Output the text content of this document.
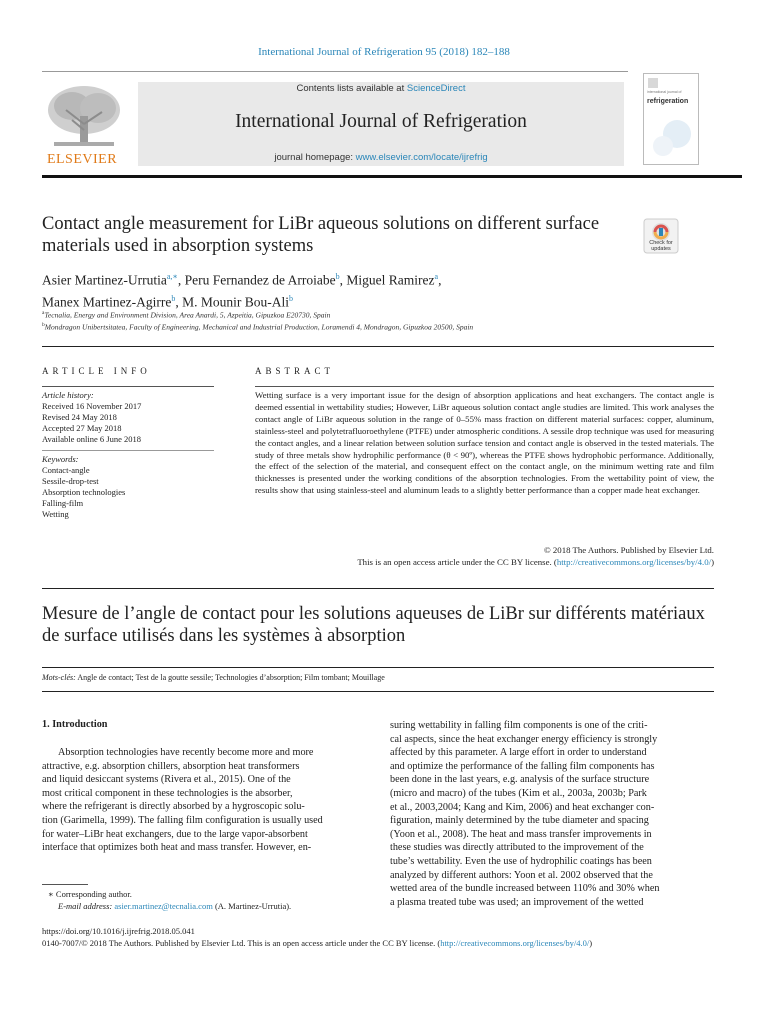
International Journal of Refrigeration 95 (2018) 182–188
Contents lists available at ScienceDirect
International Journal of Refrigeration
journal homepage: www.elsevier.com/locate/ijrefrig
ELSEVIER
international journal of
refrigeration
Contact angle measurement for LiBr aqueous solutions on different surface materials used in absorption systems	Check for updates
Asier Martinez-Urrutia$^{a,∗}$, Peru Fernandez de Arroiabe$^b$, Miguel Ramirez$^a$,
Manex Martinez-Agirre$^b$, M. Mounir Bou-Ali$^b$
$^a$Tecnalia, Energy and Environment Division, Area Anardi, 5, Azpeitia, Gipuzkoa E20730, Spain
$^b$Mondragon Unibertsitatea, Faculty of Engineering, Mechanical and Industrial Production, Loramendi 4, Mondragon, Gipuzkoa 20500, Spain
ARTICLE INFO
Article history:
Received 16 November 2017
Revised 24 May 2018
Accepted 27 May 2018
Available online 6 June 2018
Keywords:
Contact-angle
Sessile-drop-test
Absorption technologies
Falling-film
Wetting
ABSTRACT
Wetting surface is a very important issue for the design of absorption applications and heat exchangers. The contact angle is deemed essential in wettability studies; However, LiBr aqueous solution contact angle studies are limited. This work analyses the contact angle of LiBr aqueous solution in the range of 0–55% mass fraction on different material surfaces: copper, aluminum, stainless-steel and polytetrafluoroethylene (PTFE) under atmospheric conditions. A sessile drop technique was used for measuring the contact angles, and a linear relation between solution surface tension and contact angle is observed in the tested materials. The study of three metals show hydrophilic performance (θ < 90º), whereas the PTFE shows hydrophobic performance. Additionally, the effect of the selection of the material, and consequent effect on the contact angle, on the minimum wetting rate and film thicknesses is presented under the working conditions of the absorption technologies. From the wettability point of view, the results show that using stainless-steel and aluminum leads to a slightly better performance than a copper made heat exchanger.
© 2018 The Authors. Published by Elsevier Ltd.
This is an open access article under the CC BY license. (http://creativecommons.org/licenses/by/4.0/)
Mesure de l’angle de contact pour les solutions aqueuses de LiBr sur différents matériaux de surface utilisés dans les systèmes à absorption
Mots-clés: Angle de contact; Test de la goutte sessile; Technologies d’absorption; Film tombant; Mouillage
1. Introduction
Absorption technologies have recently become more and more
attractive, e.g. absorption chillers, absorption heat transformers
and liquid desiccant systems (Rivera et al., 2015). One of the
most critical component in these technologies is the absorber,
where the refrigerant is directly absorbed by a hygroscopic solu-
tion (Garimella, 1999). The falling film configuration is usually used
for water–LiBr heat exchangers, due to the large vapor-absorbent
interface that optimizes both heat and mass transfer. However, en-
suring wettability in falling film components is one of the criti-
cal aspects, since the heat exchanger energy efficiency is strongly
affected by this parameter. A large effort in order to understand
and optimize the performance of the falling film components has
been done in the last years, e.g. analysis of the surface structure
(micro and macro) of the tubes (Kim et al., 2003a, 2003b; Park
et al., 2003,2004; Kang and Kim, 2006) and heat exchanger con-
figuration, mainly determined by the tube diameter and spacing
(Yoon et al., 2008). The heat and mass transfer improvements in
these studies was directly attributed to the improvement of the
tube’s wettability. Even the use of hydrophilic coatings has been
analyzed by different authors: Yoon et al. 2002 observed that the
wetted area of the bundle increased between 110% and 30% when
a plasma treated tube was used; an improvement of the wetted
∗ Corresponding author.
E-mail address: asier.martinez@tecnalia.com (A. Martinez-Urrutia).
https://doi.org/10.1016/j.ijrefrig.2018.05.041
0140-7007/© 2018 The Authors. Published by Elsevier Ltd. This is an open access article under the CC BY license. (http://creativecommons.org/licenses/by/4.0/)
